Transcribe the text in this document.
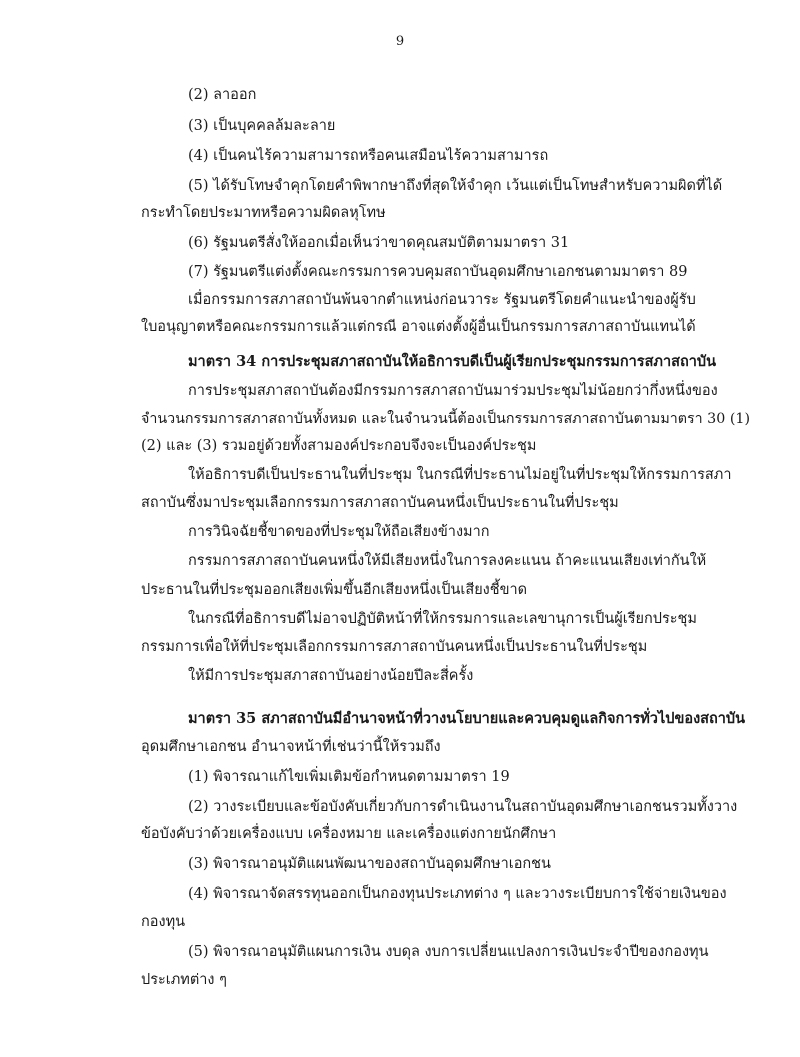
9
(2) ลาออก
(3) เป็นบุคคลล้มละลาย
(4) เป็นคนไร้ความสามารถหรือคนเสมือนไร้ความสามารถ
(5) ได้รับโทษจำคุกโดยคำพิพากษาถึงที่สุดให้จำคุก เว้นแต่เป็นโทษสำหรับความผิดที่ได้
กระทำโดยประมาทหรือความผิดลหุโทษ
(6) รัฐมนตรีสั่งให้ออกเมื่อเห็นว่าขาดคุณสมบัติตามมาตรา 31
(7) รัฐมนตรีแต่งตั้งคณะกรรมการควบคุมสถาบันอุดมศึกษาเอกชนตามมาตรา 89
เมื่อกรรมการสภาสถาบันพ้นจากตำแหน่งก่อนวาระ รัฐมนตรีโดยคำแนะนำของผู้รับ
ใบอนุญาตหรือคณะกรรมการแล้วแต่กรณี อาจแต่งตั้งผู้อื่นเป็นกรรมการสภาสถาบันแทนได้
มาตรา 34 การประชุมสภาสถาบันให้อธิการบดีเป็นผู้เรียกประชุมกรรมการสภาสถาบัน
การประชุมสภาสถาบันต้องมีกรรมการสภาสถาบันมาร่วมประชุมไม่น้อยกว่ากึ่งหนึ่งของ
จำนวนกรรมการสภาสถาบันทั้งหมด และในจำนวนนี้ต้องเป็นกรรมการสภาสถาบันตามมาตรา 30 (1)
(2) และ (3) รวมอยู่ด้วยทั้งสามองค์ประกอบจึงจะเป็นองค์ประชุม
ให้อธิการบดีเป็นประธานในที่ประชุม ในกรณีที่ประธานไม่อยู่ในที่ประชุมให้กรรมการสภา
สถาบันซึ่งมาประชุมเลือกกรรมการสภาสถาบันคนหนึ่งเป็นประธานในที่ประชุม
การวินิจฉัยชี้ขาดของที่ประชุมให้ถือเสียงข้างมาก
กรรมการสภาสถาบันคนหนึ่งให้มีเสียงหนึ่งในการลงคะแนน ถ้าคะแนนเสียงเท่ากันให้
ประธานในที่ประชุมออกเสียงเพิ่มขึ้นอีกเสียงหนึ่งเป็นเสียงชี้ขาด
ในกรณีที่อธิการบดีไม่อาจปฏิบัติหน้าที่ให้กรรมการและเลขานุการเป็นผู้เรียกประชุม
กรรมการเพื่อให้ที่ประชุมเลือกกรรมการสภาสถาบันคนหนึ่งเป็นประธานในที่ประชุม
ให้มีการประชุมสภาสถาบันอย่างน้อยปีละสี่ครั้ง
มาตรา 35 สภาสถาบันมีอำนาจหน้าที่วางนโยบายและควบคุมดูแลกิจการทั่วไปของสถาบัน
อุดมศึกษาเอกชน อำนาจหน้าที่เช่นว่านี้ให้รวมถึง
(1) พิจารณาแก้ไขเพิ่มเติมข้อกำหนดตามมาตรา 19
(2) วางระเบียบและข้อบังคับเกี่ยวกับการดำเนินงานในสถาบันอุดมศึกษาเอกชนรวมทั้งวาง
ข้อบังคับว่าด้วยเครื่องแบบ เครื่องหมาย และเครื่องแต่งกายนักศึกษา
(3) พิจารณาอนุมัติแผนพัฒนาของสถาบันอุดมศึกษาเอกชน
(4) พิจารณาจัดสรรทุนออกเป็นกองทุนประเภทต่าง ๆ และวางระเบียบการใช้จ่ายเงินของ
กองทุน
(5) พิจารณาอนุมัติแผนการเงิน งบดุล งบการเปลี่ยนแปลงการเงินประจำปีของกองทุน
ประเภทต่าง ๆ
